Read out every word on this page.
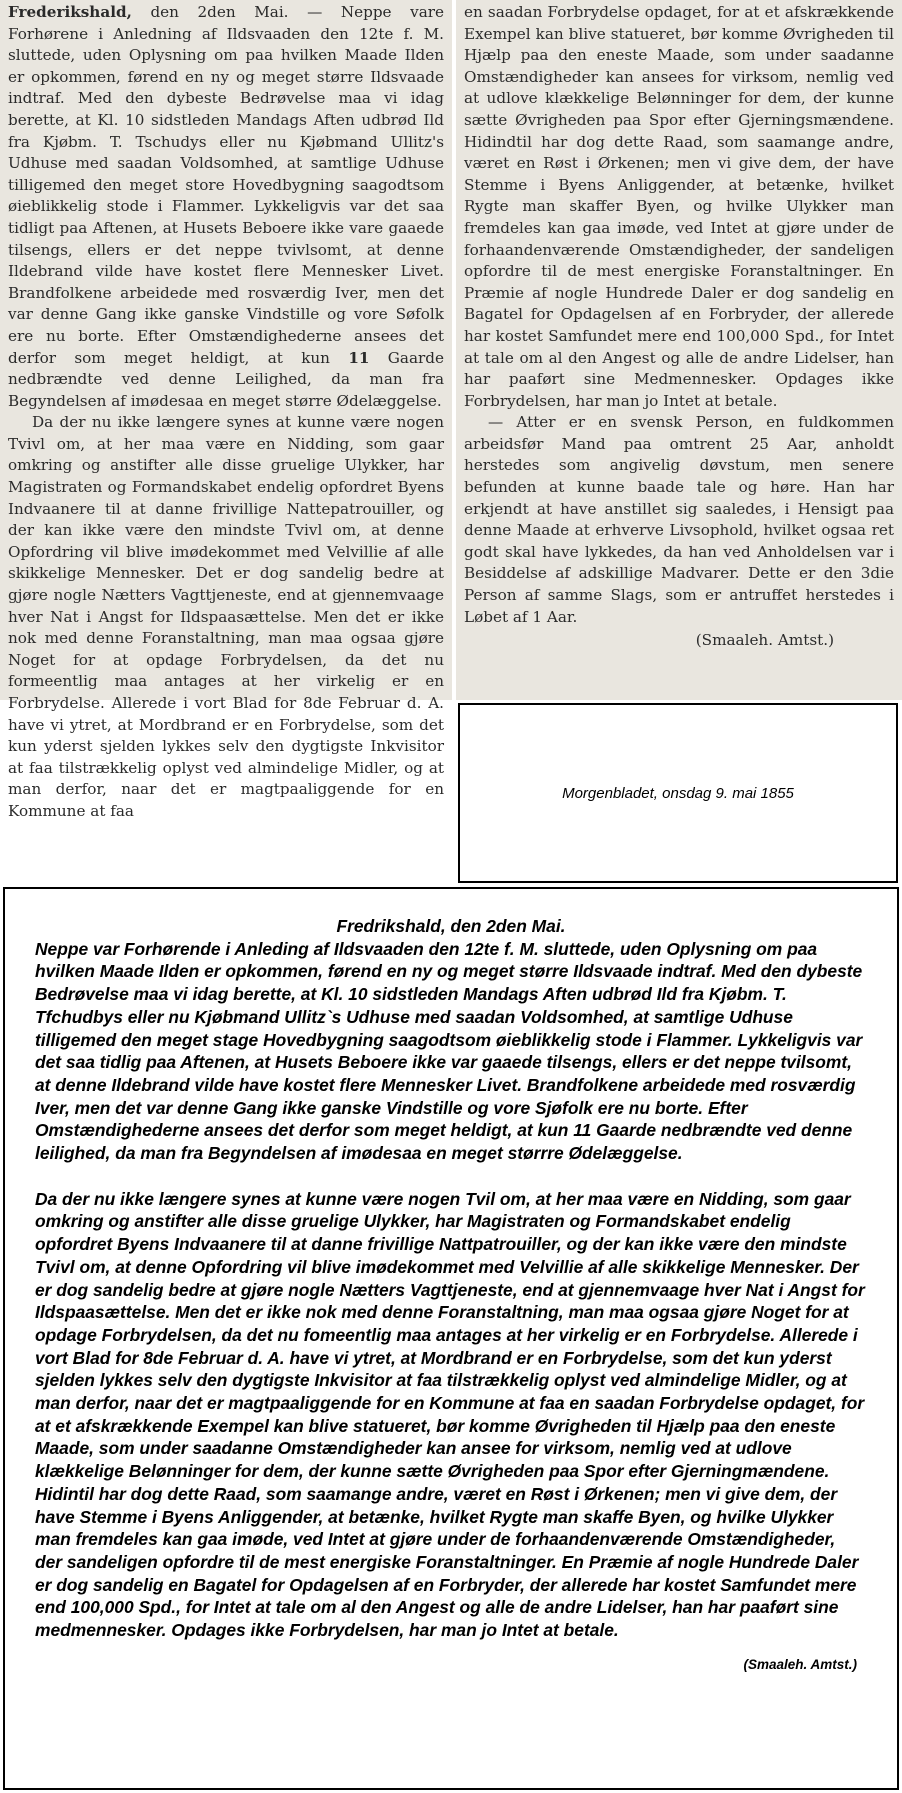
Frederikshald, den 2den Mai. — Neppe vare Forhørene i Anledning af Ildsvaaden den 12te f. M. sluttede, uden Oplysning om paa hvilken Maade Ilden er opkommen, førend en ny og meget større Ildsvaade indtraf. Med den dybeste Bedrøvelse maa vi idag berette, at Kl. 10 sidstleden Mandags Aften udbrød Ild fra Kjøbm. T. Tschudys eller nu Kjøbmand Ullitz's Udhuse med saadan Voldsomhed, at samtlige Udhuse tilligemed den meget store Hovedbygning saagodtsom øieblikkelig stode i Flammer. Lykkeligvis var det saa tidligt paa Aftenen, at Husets Beboere ikke vare gaaede tilsengs, ellers er det neppe tvivlsomt, at denne Ildebrand vilde have kostet flere Mennesker Livet. Brandfolkene arbeidede med rosværdig Iver, men det var denne Gang ikke ganske Vindstille og vore Søfolk ere nu borte. Efter Omstændighederne ansees det derfor som meget heldigt, at kun 11 Gaarde nedbrændte ved denne Leilighed, da man fra Begyndelsen af imødesaa en meget større Ødelæggelse.

Da der nu ikke længere synes at kunne være nogen Tvivl om, at her maa være en Nidding, som gaar omkring og anstifter alle disse gruelige Ulykker, har Magistraten og Formandskabet endelig opfordret Byens Indvaanere til at danne frivillige Nattepatrouiller, og der kan ikke være den mindste Tvivl om, at denne Opfordring vil blive imødekommet med Velvillie af alle skikkelige Mennesker. Det er dog sandelig bedre at gjøre nogle Nætters Vagttjeneste, end at gjennemvaage hver Nat i Angst for Ildspaasættelse. Men det er ikke nok med denne Foranstaltning, man maa ogsaa gjøre Noget for at opdage Forbrydelsen, da det nu formeentlig maa antages at her virkelig er en Forbrydelse. Allerede i vort Blad for 8de Februar d. A. have vi ytret, at Mordbrand er en Forbrydelse, som det kun yderst sjelden lykkes selv den dygtigste Inkvisitor at faa tilstrækkelig oplyst ved almindelige Midler, og at man derfor, naar det er magtpaaliggende for en Kommune at faa

en saadan Forbrydelse opdaget, for at et afskrækkende Exempel kan blive statueret, bør komme Øvrigheden til Hjælp paa den eneste Maade, som under saadanne Omstændigheder kan ansees for virksom, nemlig ved at udlove klækkelige Belønninger for dem, der kunne sætte Øvrigheden paa Spor efter Gjerningsmændene. Hidindtil har dog dette Raad, som saamange andre, været en Røst i Ørkenen; men vi give dem, der have Stemme i Byens Anliggender, at betænke, hvilket Rygte man skaffer Byen, og hvilke Ulykker man fremdeles kan gaa imøde, ved Intet at gjøre under de forhaandenværende Omstændigheder, der sandeligen opfordre til de mest energiske Foranstaltninger. En Præmie af nogle Hundrede Daler er dog sandelig en Bagatel for Opdagelsen af en Forbryder, der allerede har kostet Samfundet mere end 100,000 Spd., for Intet at tale om al den Angest og alle de andre Lidelser, han har paaført sine Medmennesker. Opdages ikke Forbrydelsen, har man jo Intet at betale.

— Atter er en svensk Person, en fuldkommen arbeidsfør Mand paa omtrent 25 Aar, anholdt herstedes som angivelig døvstum, men senere befunden at kunne baade tale og høre. Han har erkjendt at have anstillet sig saaledes, i Hensigt paa denne Maade at erhverve Livsophold, hvilket ogsaa ret godt skal have lykkedes, da han ved Anholdelsen var i Besiddelse af adskillige Madvarer. Dette er den 3die Person af samme Slags, som er antruffet herstedes i Løbet af 1 Aar.

(Smaaleh. Amtst.)
Morgenbladet, onsdag 9. mai 1855
Fredrikshald, den 2den Mai.

Neppe var Forhørende i Anleding af Ildsvaaden den 12te f. M. sluttede, uden Oplysning om paa hvilken Maade Ilden er opkommen, førend en ny og meget større Ildsvaade indtraf. Med den dybeste Bedrøvelse maa vi idag berette, at Kl. 10 sidstleden Mandags Aften udbrød Ild fra Kjøbm. T. Tfchudbys eller nu Kjøbmand Ullitz`s Udhuse med saadan Voldsomhed, at samtlige Udhuse tilligemed den meget stage Hovedbygning saagodtsom øieblikkelig stode i Flammer. Lykkeligvis var det saa tidlig paa Aftenen, at Husets Beboere ikke var gaaede tilsengs, ellers er det neppe tvilsomt, at denne Ildebrand vilde have kostet flere Mennesker Livet. Brandfolkene arbeidede med rosværdig Iver, men det var denne Gang ikke ganske Vindstille og vore Sjøfolk ere nu borte. Efter Omstændighederne ansees det derfor som meget heldigt, at kun 11 Gaarde nedbrændte ved denne leilighed, da man fra Begyndelsen af imødesaa en meget størrre Ødelæggelse.

Da der nu ikke længere synes at kunne være nogen Tvil om, at her maa være en Nidding, som gaar omkring og anstifter alle disse gruelige Ulykker, har Magistraten og Formandskabet endelig opfordret Byens Indvaanere til at danne frivillige Nattpatrouiller, og der kan ikke være den mindste Tvivl om, at denne Opfordring vil blive imødekommet med Velvillie af alle skikkelige Mennesker. Der er dog sandelig bedre at gjøre nogle Nætters Vagttjeneste, end at gjennemvaage hver Nat i Angst for Ildspaasættelse. Men det er ikke nok med denne Foranstaltning, man maa ogsaa gjøre Noget for at opdage Forbrydelsen, da det nu fomeentlig maa antages at her virkelig er en Forbrydelse. Allerede i vort Blad for 8de Februar d. A. have vi ytret, at Mordbrand er en Forbrydelse, som det kun yderst sjelden lykkes selv den dygtigste Inkvisitor at faa tilstrækkelig oplyst ved almindelige Midler, og at man derfor, naar det er magtpaaliggende for en Kommune at faa en saadan Forbrydelse opdaget, for at et afskrækkende Exempel kan blive statueret, bør komme Øvrigheden til Hjælp paa den eneste Maade, som under saadanne Omstændigheder kan ansee for virksom, nemlig ved at udlove klækkelige Belønninger for dem, der kunne sætte Øvrigheden paa Spor efter Gjerningmændene. Hidintil har dog dette Raad, som saamange andre, været en Røst i Ørkenen; men vi give dem, der have Stemme i Byens Anliggender, at betænke, hvilket Rygte man skaffe Byen, og hvilke Ulykker man fremdeles kan gaa imøde, ved Intet at gjøre under de forhaandenværende Omstændigheder, der sandeligen opfordre til de mest energiske Foranstaltninger. En Præmie af nogle Hundrede Daler er dog sandelig en Bagatel for Opdagelsen af en Forbryder, der allerede har kostet Samfundet mere end 100,000 Spd., for Intet at tale om al den Angest og alle de andre Lidelser, han har paaført sine medmennesker. Opdages ikke Forbrydelsen, har man jo Intet at betale.

(Smaaleh. Amtst.)
